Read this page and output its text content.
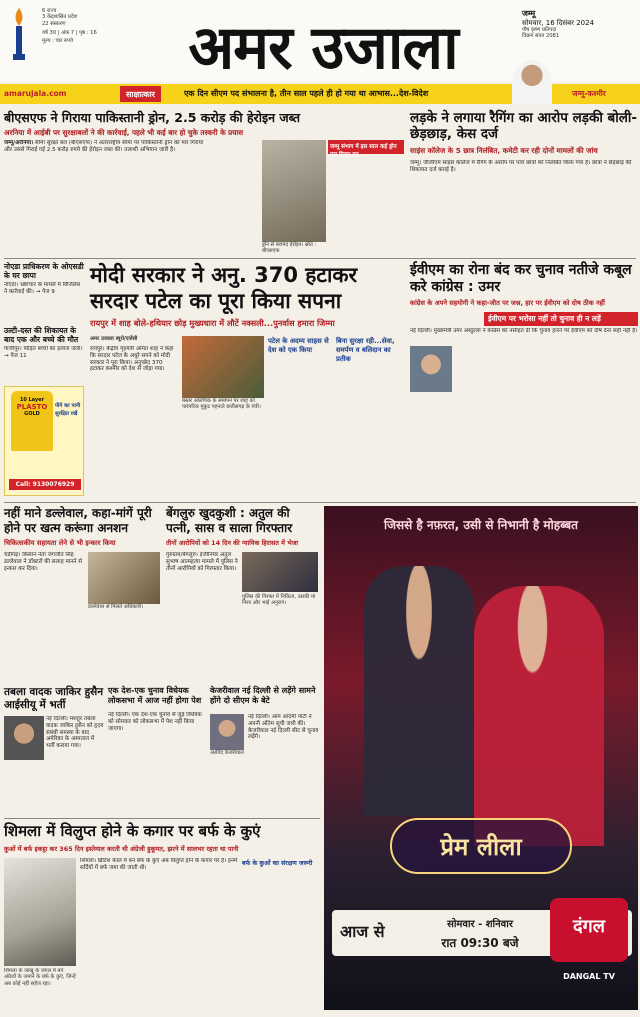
6 राज्य
3 केंद्रशासित प्रदेश
22 संस्करण
वर्ष 30 | अंक 7 | पृष्ठ : 16
मूल्य : चार रुपये	अमर उजाला	जम्मू
सोमवार, 16 दिसंबर 2024
पौष कृष्ण प्रतिपदा
विक्रम संवत 2081
amarujala.com	साक्षात्कार	एक दिन सीएम पद संभालना है, तीन साल पहले ही हो गया था आभास...देश-विदेश	जम्मू-कश्मीर
बीएसएफ ने गिराया पाकिस्तानी ड्रोन, 2.5 करोड़ की हेरोइन जब्त
अरनिया में आईबी पर सुरक्षाबलों ने की कार्रवाई, पहले भी कई बार हो चुके तस्करी के प्रयास
जम्मू/अरनिया। सीमा सुरक्षा बल (बीएसएफ) ने अंतरराष्ट्रीय सीमा पर पाकिस्तानी ड्रोन को मार गिराया और उससे गिराई गई 2.5 करोड़ रुपये की हेरोइन जब्त की। तलाशी अभियान जारी है।
ड्रोन से बरामद हेरोइन। स्रोत : बीएसएफ
जम्मू संभाग में इस साल कई ड्रोन मार गिराए गए
लड़के ने लगाया रैगिंग का आरोप लड़की बोली-छेड़छाड़, केस दर्ज
साइंस कॉलेज के 5 छात्र निलंबित, कमेटी कर रही दोनों मामलों की जांच
जम्मू। जीजीएम साइंस कॉलेज में रैगिंग के आरोप पर पांच छात्रों को निलंबित किया गया है। छात्रा ने छेड़छाड़ की शिकायत दर्ज कराई है।
नोएडा प्राधिकरण के ओएसडी के घर छापा
नोएडा। भ्रष्टाचार के मामले में विजिलेंस ने कार्रवाई की। → पेज 9
उल्टी-दस्त की शिकायत के बाद एक और बच्चे की मौत
गाजीपुर। पीड़ित बच्चों का इलाज जारी। → पेज 11
10 Layer
PLASTO
GOLD
पीने का पानी सुरक्षित रखें
Call: 9130076929
मोदी सरकार ने अनु. 370 हटाकर सरदार पटेल का पूरा किया सपना
रायपुर में शाह बोले-हथियार छोड़ मुख्यधारा में लौटें नक्सली...पुनर्वास हमारा जिम्मा
अमर उजाला ब्यूरो/एजेंसी
रायपुर। केंद्रीय गृहमंत्री अमित शाह ने कहा कि सरदार पटेल के अधूरे सपने को मोदी सरकार ने पूरा किया। अनुच्छेद 370 हटाकर कश्मीर को देश से जोड़ा गया।
बस्तर ओलंपिक के समापन पर शाह को पारंपरिक मुकुट पहनाते छत्तीसगढ़ के मंत्री।
पटेल के अदम्य साहस से देश को एक किया
बिना सुरक्षा रही...सेवा, समर्पण व बलिदान का प्रतीक
ईवीएम का रोना बंद कर चुनाव नतीजे कबूल करे कांग्रेस : उमर
कांग्रेस के अपने सहयोगी ने कहा-जीत पर जश्न, हार पर ईवीएम को दोष ठीक नहीं
ईवीएम पर भरोसा नहीं तो चुनाव ही न लड़ें
नई दिल्ली। मुख्यमंत्री उमर अब्दुल्ला ने कांग्रेस को नसीहत दी कि चुनाव हारने पर ईवीएम को दोष देना सही नहीं है।
नहीं माने डल्लेवाल, कहा-मांगें पूरी होने पर खत्म करूंगा अनशन
चिकित्सकीय सहायता लेने से भी इन्कार किया
चंडीगढ़। किसान नेता जगजीत सिंह डल्लेवाल ने डॉक्टरों की सलाह मानने से इन्कार कर दिया।
डल्लेवाल से मिलते अधिकारी।
बेंगलुरु खुदकुशी : अतुल की पत्नी, सास व साला गिरफ्तार
तीनों आरोपियों को 14 दिन की न्यायिक हिरासत में भेजा
गुरुग्राम/बेंगलुरु। इंजीनियर अतुल सुभाष आत्महत्या मामले में पुलिस ने तीनों आरोपियों को गिरफ्तार किया।
पुलिस की गिरफ्त में निकिता, उसकी मां निशा और भाई अनुराग।
जिससे है नफ़रत, उसी से निभानी है मोहब्बत
प्रेम लीला
आज से	सोमवार - शनिवार
रात 09:30 बजे
दंगल
DANGAL TV
तबला वादक जाकिर हुसैन आईसीयू में भर्ती
नई दिल्ली। मशहूर तबला वादक जाकिर हुसैन को हृदय संबंधी समस्या के बाद अमेरिका के अस्पताल में भर्ती कराया गया।
एक देश-एक चुनाव विधेयक लोकसभा में आज नहीं होगा पेश
नई दिल्ली। एक देश-एक चुनाव से जुड़े विधेयक को सोमवार को लोकसभा में पेश नहीं किया जाएगा।
केजरीवाल नई दिल्ली से लड़ेंगे सामने होंगे दो सीएम के बेटे
अरविंद केजरीवाल
नई दिल्ली। आम आदमी पार्टी ने अपनी अंतिम सूची जारी की। केजरीवाल नई दिल्ली सीट से चुनाव लड़ेंगे।
शिमला में विलुप्त होने के कगार पर बर्फ के कुएं
कुओं में बर्फ इकट्ठा कर 365 दिन इस्तेमाल करती थी अंग्रेजी हुकूमत, झरने में सालभर रहता था पानी
शिमला के जाखू के जंगल में बने अंग्रेजों के जमाने के बर्फ के कुएं, जिन्हें अब कोई नहीं सहेज रहा।
शिमला। ब्रिटिश काल में बने बर्फ के कुएं अब विलुप्त होने के कगार पर हैं। इनमें सर्दियों में बर्फ जमा की जाती थी।
बर्फ के कुओं का संरक्षण जरूरी
